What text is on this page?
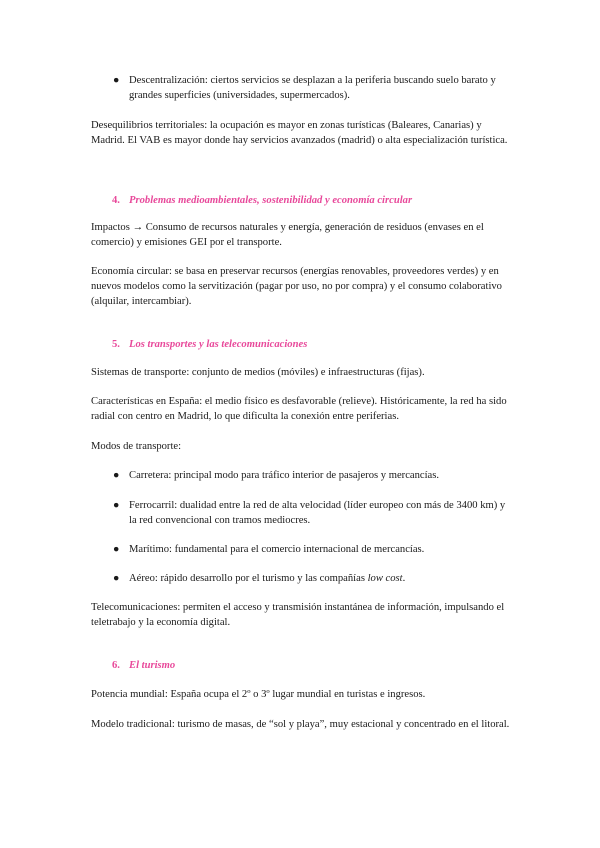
● Descentralización: ciertos servicios se desplazan a la periferia buscando suelo barato y grandes superficies (universidades, supermercados).

Desequilibrios territoriales: la ocupación es mayor en zonas turísticas (Baleares, Canarias) y Madrid. El VAB es mayor donde hay servicios avanzados (madrid) o alta especialización turística.

4. Problemas medioambientales, sostenibilidad y economía circular

Impactos → Consumo de recursos naturales y energía, generación de residuos (envases en el comercio) y emisiones GEI por el transporte.

Economía circular: se basa en preservar recursos (energías renovables, proveedores verdes) y en nuevos modelos como la servitización (pagar por uso, no por compra) y el consumo colaborativo (alquilar, intercambiar).

5. Los transportes y las telecomunicaciones

Sistemas de transporte: conjunto de medios (móviles) e infraestructuras (fijas).

Características en España: el medio físico es desfavorable (relieve). Históricamente, la red ha sido radial con centro en Madrid, lo que dificulta la conexión entre periferias.

Modos de transporte:

● Carretera: principal modo para tráfico interior de pasajeros y mercancías.

● Ferrocarril: dualidad entre la red de alta velocidad (líder europeo con más de 3400 km) y la red convencional con tramos mediocres.

● Marítimo: fundamental para el comercio internacional de mercancías.

● Aéreo: rápido desarrollo por el turismo y las compañías low cost.

Telecomunicaciones: permiten el acceso y transmisión instantánea de información, impulsando el teletrabajo y la economía digital.

6. El turismo

Potencia mundial: España ocupa el 2º o 3º lugar mundial en turistas e ingresos.

Modelo tradicional: turismo de masas, de “sol y playa”, muy estacional y concentrado en el litoral.
